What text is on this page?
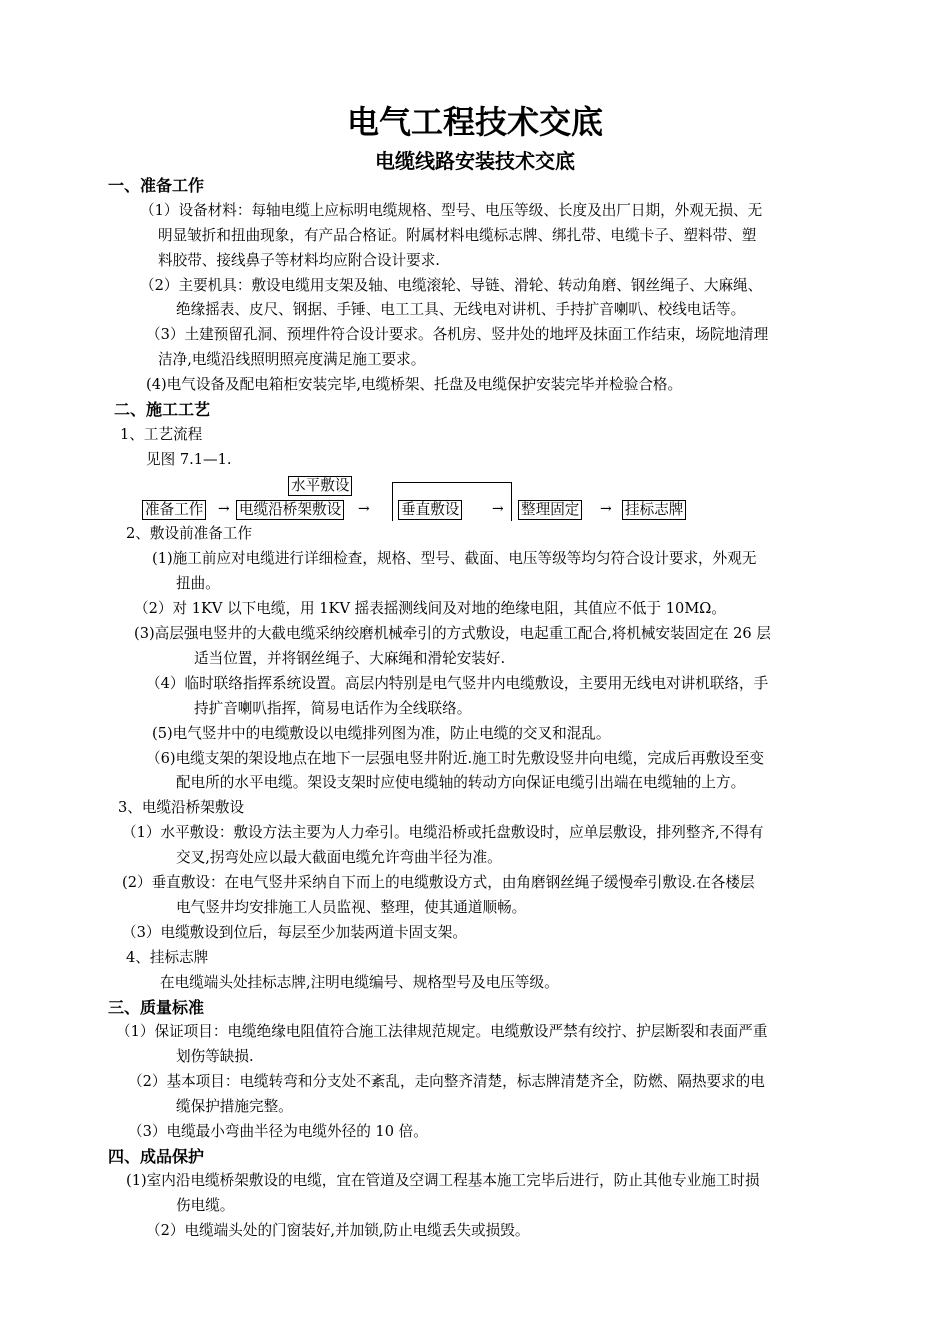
电气工程技术交底
电缆线路安装技术交底
一、准备工作
（1）设备材料：每轴电缆上应标明电缆规格、型号、电压等级、长度及出厂日期，外观无损、无
明显皱折和扭曲现象，有产品合格证。附属材料电缆标志牌、绑扎带、电缆卡子、塑料带、塑
料胶带、接线鼻子等材料均应附合设计要求.
（2）主要机具：敷设电缆用支架及轴、电缆滚轮、导链、滑轮、转动角磨、钢丝绳子、大麻绳、
绝缘摇表、皮尺、钢据、手锤、电工工具、无线电对讲机、手持扩音喇叭、校线电话等。
（3）土建预留孔洞、预埋件符合设计要求。各机房、竖井处的地坪及抹面工作结束，场院地清理
洁净,电缆沿线照明照亮度满足施工要求。
(4)电气设备及配电箱柜安装完毕,电缆桥架、托盘及电缆保护安装完毕并检验合格。
二、施工工艺
1、工艺流程
见图 7.1—1.
水平敷设
准备工作 → 电缆沿桥架敷设 → 垂直敷设 → 整理固定 → 挂标志牌
2、敷设前准备工作
(1)施工前应对电缆进行详细检查，规格、型号、截面、电压等级等均匀符合设计要求，外观无
扭曲。
（2）对 1KV 以下电缆，用 1KV 摇表摇测线间及对地的绝缘电阻，其值应不低于 10MΩ。
(3)高层强电竖井的大截电缆采纳绞磨机械牵引的方式敷设，电起重工配合,将机械安装固定在 26 层
适当位置，并将钢丝绳子、大麻绳和滑轮安装好.
（4）临时联络指挥系统设置。高层内特别是电气竖井内电缆敷设，主要用无线电对讲机联络，手
持扩音喇叭指挥，简易电话作为全线联络。
(5)电气竖井中的电缆敷设以电缆排列图为准，防止电缆的交叉和混乱。
（6)电缆支架的架设地点在地下一层强电竖井附近.施工时先敷设竖井向电缆，完成后再敷设至变
配电所的水平电缆。架设支架时应使电缆轴的转动方向保证电缆引出端在电缆轴的上方。
3、电缆沿桥架敷设
（1）水平敷设：敷设方法主要为人力牵引。电缆沿桥或托盘敷设时，应单层敷设，排列整齐,不得有
交叉,拐弯处应以最大截面电缆允许弯曲半径为准。
(2）垂直敷设：在电气竖井采纳自下而上的电缆敷设方式，由角磨钢丝绳子缓慢牵引敷设.在各楼层
电气竖井均安排施工人员监视、整理，使其通道顺畅。
（3）电缆敷设到位后，每层至少加装两道卡固支架。
4、挂标志牌
在电缆端头处挂标志牌,注明电缆编号、规格型号及电压等级。
三、质量标准
（1）保证项目：电缆绝缘电阻值符合施工法律规范规定。电缆敷设严禁有绞拧、护层断裂和表面严重
划伤等缺损.
（2）基本项目：电缆转弯和分支处不紊乱，走向整齐清楚，标志牌清楚齐全，防燃、隔热要求的电
缆保护措施完整。
（3）电缆最小弯曲半径为电缆外径的 10 倍。
四、成品保护
(1)室内沿电缆桥架敷设的电缆，宜在管道及空调工程基本施工完毕后进行，防止其他专业施工时损
伤电缆。
（2）电缆端头处的门窗装好,并加锁,防止电缆丢失或损毁。
